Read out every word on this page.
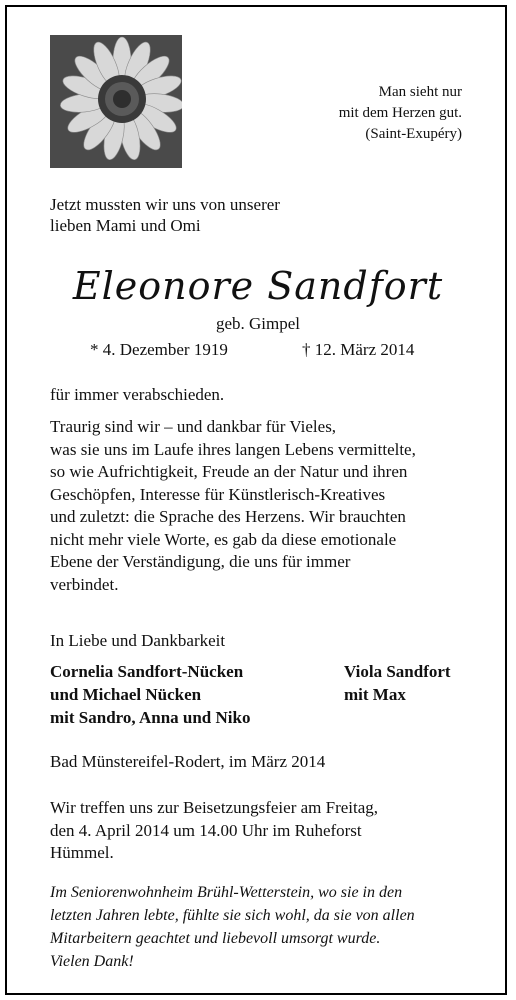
Man sieht nur
mit dem Herzen gut.
(Saint-Exupéry)
Jetzt mussten wir uns von unserer
lieben Mami und Omi
Eleonore Sandfort
geb. Gimpel
* 4. Dezember 1919	† 12. März 2014
für immer verabschieden.
Traurig sind wir – und dankbar für Vieles,
was sie uns im Laufe ihres langen Lebens vermittelte,
so wie Aufrichtigkeit, Freude an der Natur und ihren
Geschöpfen, Interesse für Künstlerisch-Kreatives
und zuletzt: die Sprache des Herzens. Wir brauchten
nicht mehr viele Worte, es gab da diese emotionale
Ebene der Verständigung, die uns für immer
verbindet.
In Liebe und Dankbarkeit
Cornelia Sandfort-Nücken
und Michael Nücken
mit Sandro, Anna und Niko
Viola Sandfort
mit Max
Bad Münstereifel-Rodert, im März 2014
Wir treffen uns zur Beisetzungsfeier am Freitag,
den 4. April 2014 um 14.00 Uhr im Ruheforst
Hümmel.
Im Seniorenwohnheim Brühl-Wetterstein, wo sie in den
letzten Jahren lebte, fühlte sie sich wohl, da sie von allen
Mitarbeitern geachtet und liebevoll umsorgt wurde.
Vielen Dank!
